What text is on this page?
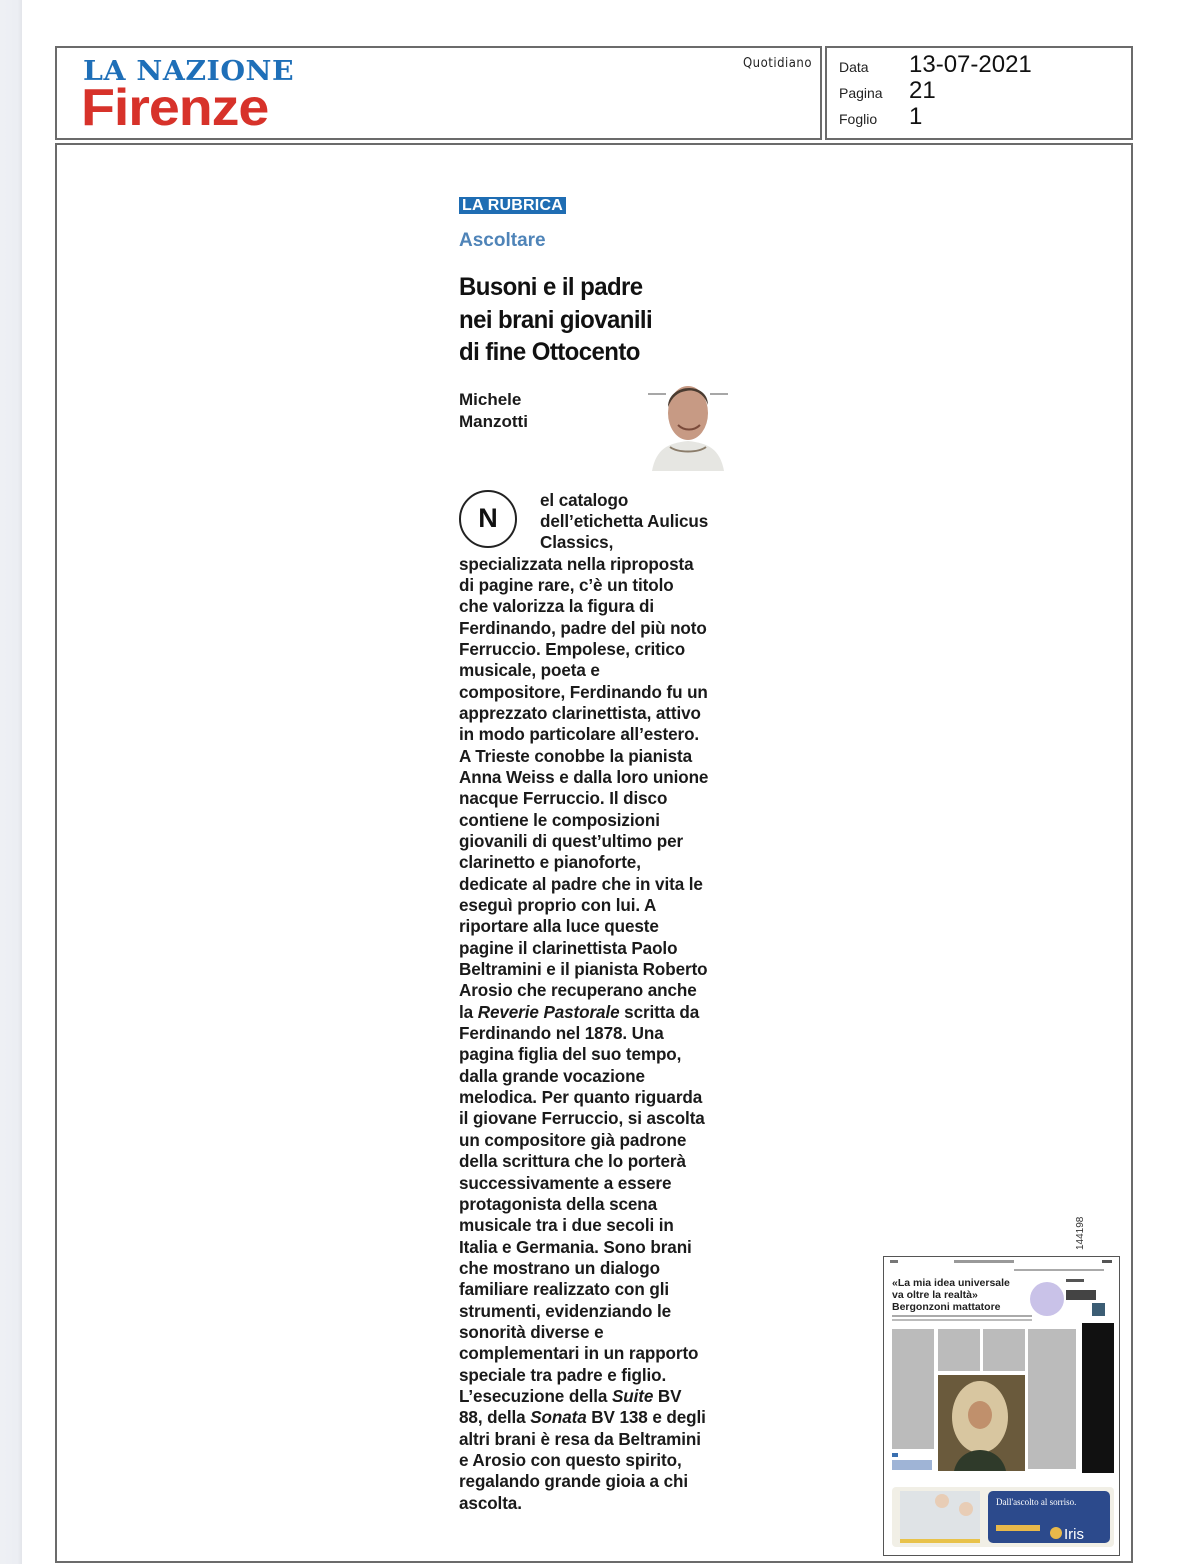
LA NAZIONE
Firenze
Quotidiano Data	13-07-2021
Pagina	21
Foglio	1
LA RUBRICA
Ascoltare
Busoni e il padre
nei brani giovanili
di fine Ottocento
Michele
Manzotti
N
el catalogo
dell’etichetta Aulicus
Classics,
specializzata nella riproposta
di pagine rare, c’è un titolo
che valorizza la figura di
Ferdinando, padre del più noto
Ferruccio. Empolese, critico
musicale, poeta e
compositore, Ferdinando fu un
apprezzato clarinettista, attivo
in modo particolare all’estero.
A Trieste conobbe la pianista
Anna Weiss e dalla loro unione
nacque Ferruccio. Il disco
contiene le composizioni
giovanili di quest’ultimo per
clarinetto e pianoforte,
dedicate al padre che in vita le
eseguì proprio con lui. A
riportare alla luce queste
pagine il clarinettista Paolo
Beltramini e il pianista Roberto
Arosio che recuperano anche
la Reverie Pastorale scritta da
Ferdinando nel 1878. Una
pagina figlia del suo tempo,
dalla grande vocazione
melodica. Per quanto riguarda
il giovane Ferruccio, si ascolta
un compositore già padrone
della scrittura che lo porterà
successivamente a essere
protagonista della scena
musicale tra i due secoli in
Italia e Germania. Sono brani
che mostrano un dialogo
familiare realizzato con gli
strumenti, evidenziando le
sonorità diverse e
complementari in un rapporto
speciale tra padre e figlio.
L’esecuzione della Suite BV
88, della Sonata BV 138 e degli
altri brani è resa da Beltramini
e Arosio con questo spirito,
regalando grande gioia a chi
ascolta.
«La mia idea universale
va oltre la realtà»
Bergonzoni mattatore
Dall'ascolto al sorriso.
Iris
144198
